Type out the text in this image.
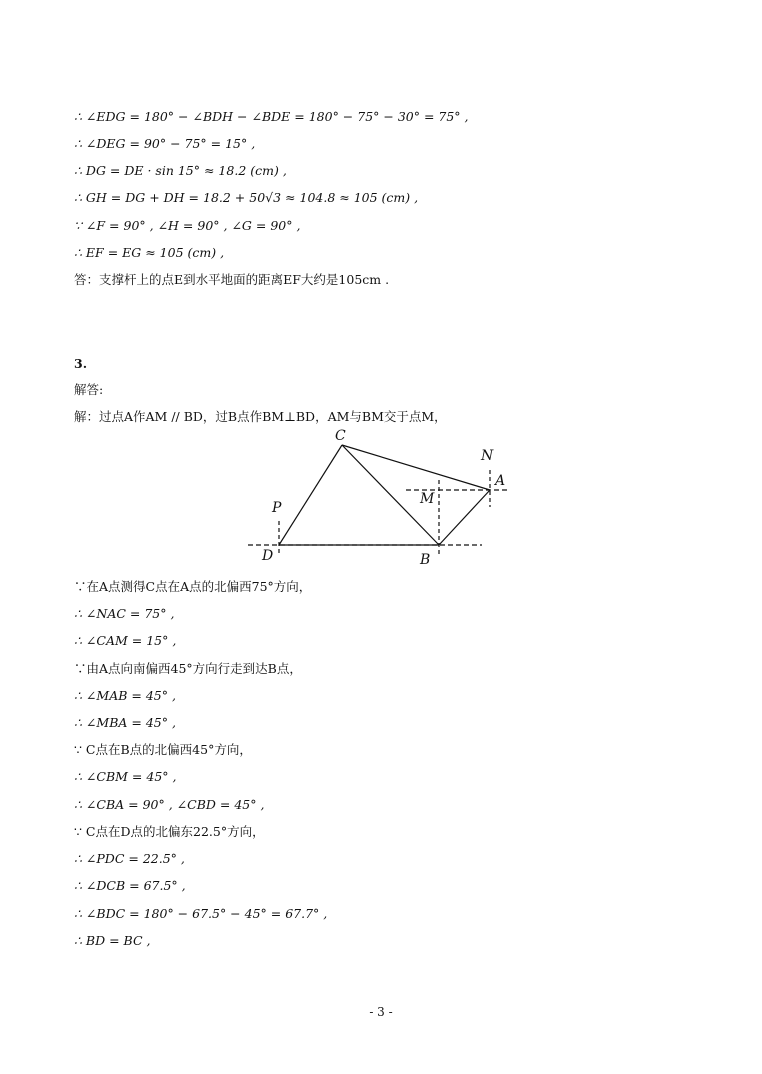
∴ ∠EDG = 180° − ∠BDH − ∠BDE = 180° − 75° − 30° = 75° ,
∴ ∠DEG = 90° − 75° = 15° ,
∴ DG = DE · sin 15° ≈ 18.2 (cm) ,
∴ GH = DG + DH = 18.2 + 50√3 ≈ 104.8 ≈ 105 (cm) ,
∵ ∠F = 90° , ∠H = 90° , ∠G = 90° ,
∴ EF = EG ≈ 105 (cm) ,
答：支撑杆上的点E到水平地面的距离EF大约是105cm .
3.
解答:
解：过点A作AM // BD，过B点作BM⊥BD，AM与BM交于点M，
C
N
A
M
P
D	B
∵在A点测得C点在A点的北偏西75°方向，
∴ ∠NAC = 75° ,
∴ ∠CAM = 15° ,
∵由A点向南偏西45°方向行走到达B点，
∴ ∠MAB = 45° ,
∴ ∠MBA = 45° ,
∵ C点在B点的北偏西45°方向，
∴ ∠CBM = 45° ,
∴ ∠CBA = 90° , ∠CBD = 45° ,
∵ C点在D点的北偏东22.5°方向，
∴ ∠PDC = 22.5° ,
∴ ∠DCB = 67.5° ,
∴ ∠BDC = 180° − 67.5° − 45° = 67.7° ,
∴ BD = BC ,
- 3 -
